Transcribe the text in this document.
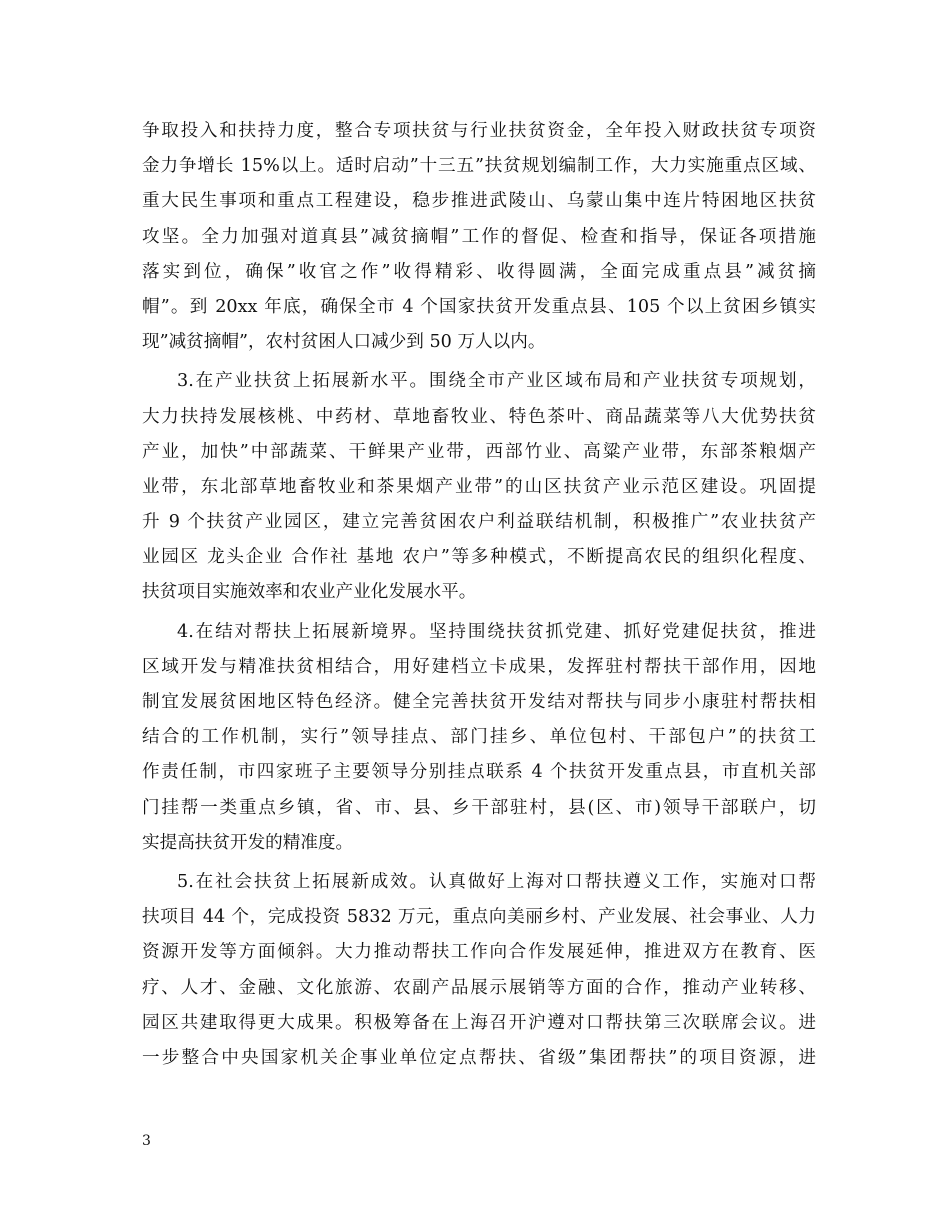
争取投入和扶持力度，整合专项扶贫与行业扶贫资金，全年投入财政扶贫专项资
金力争增长 15%以上。适时启动”十三五”扶贫规划编制工作，大力实施重点区域、
重大民生事项和重点工程建设，稳步推进武陵山、乌蒙山集中连片特困地区扶贫
攻坚。全力加强对道真县”减贫摘帽”工作的督促、检查和指导，保证各项措施
落实到位，确保”收官之作”收得精彩、收得圆满，全面完成重点县”减贫摘
帽”。到 20xx 年底，确保全市 4 个国家扶贫开发重点县、105 个以上贫困乡镇实
现”减贫摘帽”，农村贫困人口减少到 50 万人以内。
3.在产业扶贫上拓展新水平。围绕全市产业区域布局和产业扶贫专项规划，
大力扶持发展核桃、中药材、草地畜牧业、特色茶叶、商品蔬菜等八大优势扶贫
产业，加快”中部蔬菜、干鲜果产业带，西部竹业、高粱产业带，东部茶粮烟产
业带，东北部草地畜牧业和茶果烟产业带”的山区扶贫产业示范区建设。巩固提
升 9 个扶贫产业园区，建立完善贫困农户利益联结机制，积极推广”农业扶贫产
业园区 龙头企业 合作社 基地 农户”等多种模式，不断提高农民的组织化程度、
扶贫项目实施效率和农业产业化发展水平。
4.在结对帮扶上拓展新境界。坚持围绕扶贫抓党建、抓好党建促扶贫，推进
区域开发与精准扶贫相结合，用好建档立卡成果，发挥驻村帮扶干部作用，因地
制宜发展贫困地区特色经济。健全完善扶贫开发结对帮扶与同步小康驻村帮扶相
结合的工作机制，实行”领导挂点、部门挂乡、单位包村、干部包户”的扶贫工
作责任制，市四家班子主要领导分别挂点联系 4 个扶贫开发重点县，市直机关部
门挂帮一类重点乡镇，省、市、县、乡干部驻村，县(区、市)领导干部联户，切
实提高扶贫开发的精准度。
5.在社会扶贫上拓展新成效。认真做好上海对口帮扶遵义工作，实施对口帮
扶项目 44 个，完成投资 5832 万元，重点向美丽乡村、产业发展、社会事业、人力
资源开发等方面倾斜。大力推动帮扶工作向合作发展延伸，推进双方在教育、医
疗、人才、金融、文化旅游、农副产品展示展销等方面的合作，推动产业转移、
园区共建取得更大成果。积极筹备在上海召开沪遵对口帮扶第三次联席会议。进
一步整合中央国家机关企事业单位定点帮扶、省级”集团帮扶”的项目资源，进
3
